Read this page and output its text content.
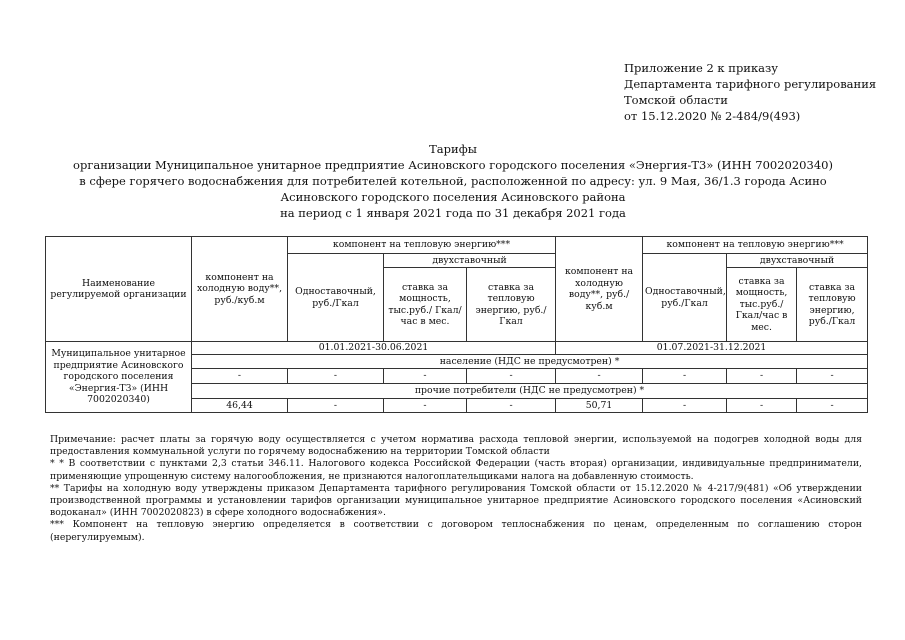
Приложение 2 к приказу
Департамента тарифного регулирования
Томской области
от 15.12.2020 № 2-484/9(493)
Тарифы
организации Муниципальное унитарное предприятие Асиновского городского поселения «Энергия-Т3» (ИНН 7002020340)
в сфере горячего водоснабжения для потребителей котельной, расположенной по адресу: ул. 9 Мая, 36/1.3 города Асино
Асиновского городского поселения Асиновского района
на период с 1 января 2021 года по 31 декабря 2021 года
Наименование регулируемой организации	компонент на холодную воду**, руб./куб.м	компонент на тепловую энергию***			компонент на холодную воду**, руб./куб.м	компонент на тепловую энергию***		
		Одноставочный, руб./Гкал	двухставочный			Одноставочный, руб./Гкал	двухставочный	
			ставка за мощность, тыс.руб./ Гкал/час в мес.	ставка за тепловую энергию, руб./Гкал			ставка за мощность, тыс.руб./ Гкал/час в мес.	ставка за тепловую энергию, руб./Гкал
Муниципальное унитарное предприятие Асиновского городского поселения «Энергия-Т3» (ИНН 7002020340)	01.01.2021-30.06.2021				01.07.2021-31.12.2021			
	население (НДС не предусмотрен) *							
	-	-	-	-	-	-	-	-
	прочие потребители (НДС не предусмотрен) *							
	46,44	-	-	-	50,71	-	-	-

Примечание: расчет платы за горячую воду осуществляется с учетом норматива расхода тепловой энергии, используемой на подогрев холодной воды для предоставления коммунальной услуги по горячему водоснабжению на территории Томской области

* * В соответствии с пунктами 2,3 статьи 346.11. Налогового кодекса Российской Федерации (часть вторая) организации, индивидуальные предприниматели, применяющие упрощенную систему налогообложения, не признаются налогоплательщиками налога на добавленную стоимость.

** Тарифы на холодную воду утверждены приказом Департамента тарифного регулирования Томской области от 15.12.2020 № 4-217/9(481) «Об утверждении производственной программы и установлении тарифов организации муниципальное унитарное предприятие Асиновского городского поселения «Асиновский водоканал» (ИНН 7002020823) в сфере холодного водоснабжения».

*** Компонент на тепловую энергию определяется в соответствии с договором теплоснабжения по ценам, определенным по соглашению сторон (нерегулируемым).
